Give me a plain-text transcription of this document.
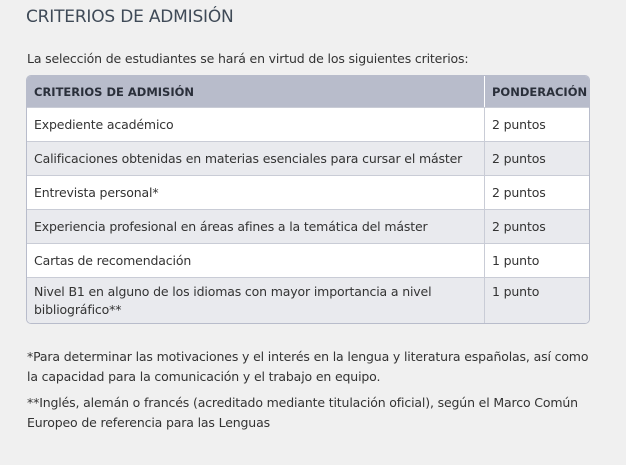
CRITERIOS DE ADMISIÓN

La selección de estudiantes se hará en virtud de los siguientes criterios:

CRITERIOS DE ADMISIÓN	PONDERACIÓN
Expediente académico	2 puntos
Calificaciones obtenidas en materias esenciales para cursar el máster	2 puntos
Entrevista personal*	2 puntos
Experiencia profesional en áreas afines a la temática del máster	2 puntos
Cartas de recomendación	1 punto
Nivel B1 en alguno de los idiomas con mayor importancia a nivel bibliográfico**	1 punto

*Para determinar las motivaciones y el interés en la lengua y literatura españolas, así como la capacidad para la comunicación y el trabajo en equipo.

**Inglés, alemán o francés (acreditado mediante titulación oficial), según el Marco Común Europeo de referencia para las Lenguas
